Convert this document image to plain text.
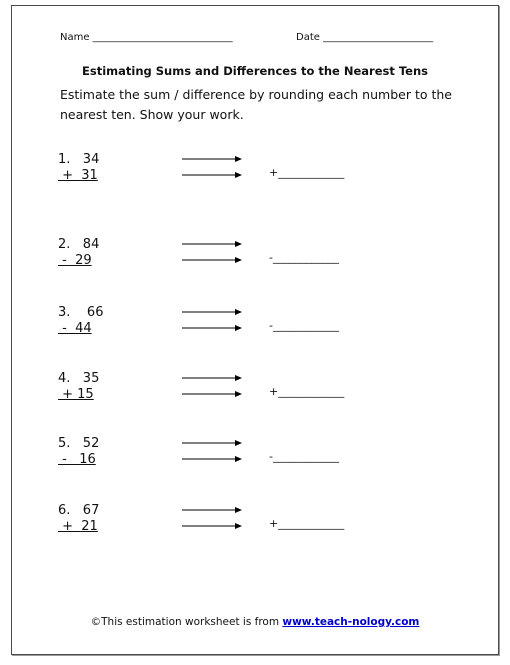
Name ____________________________	Date ______________________
Estimating Sums and Differences to the Nearest Tens
Estimate the sum / difference by rounding each number to the nearest ten. Show your work.
1.   34
+  31	+____________
2.   84
-  29	-____________
3.    66
-  44	-____________
4.   35
+ 15	+____________
5.   52
-   16	-____________
6.   67
+  21	+____________
©This estimation worksheet is from www.teach-nology.com
